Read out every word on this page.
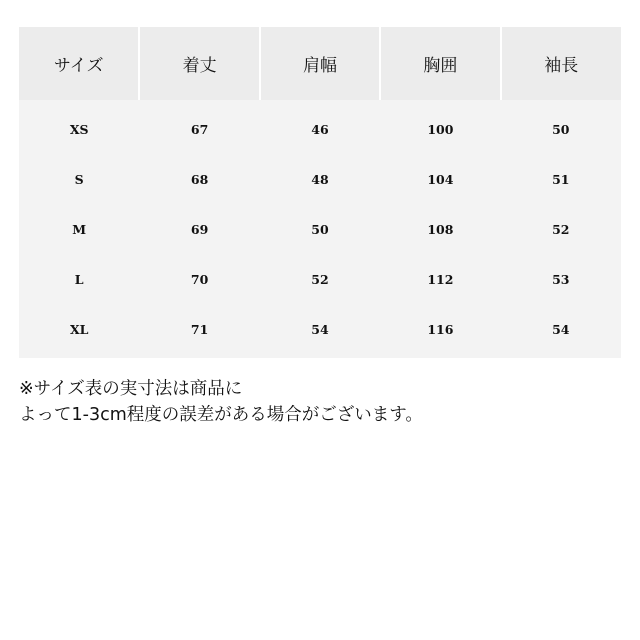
サイズ	着丈	肩幅	胸囲	袖長
XS	67	46	100	50
S	68	48	104	51
M	69	50	108	52
L	70	52	112	53
XL	71	54	116	54
※サイズ表の実寸法は商品に
よって1-3cm程度の誤差がある場合がございます。
